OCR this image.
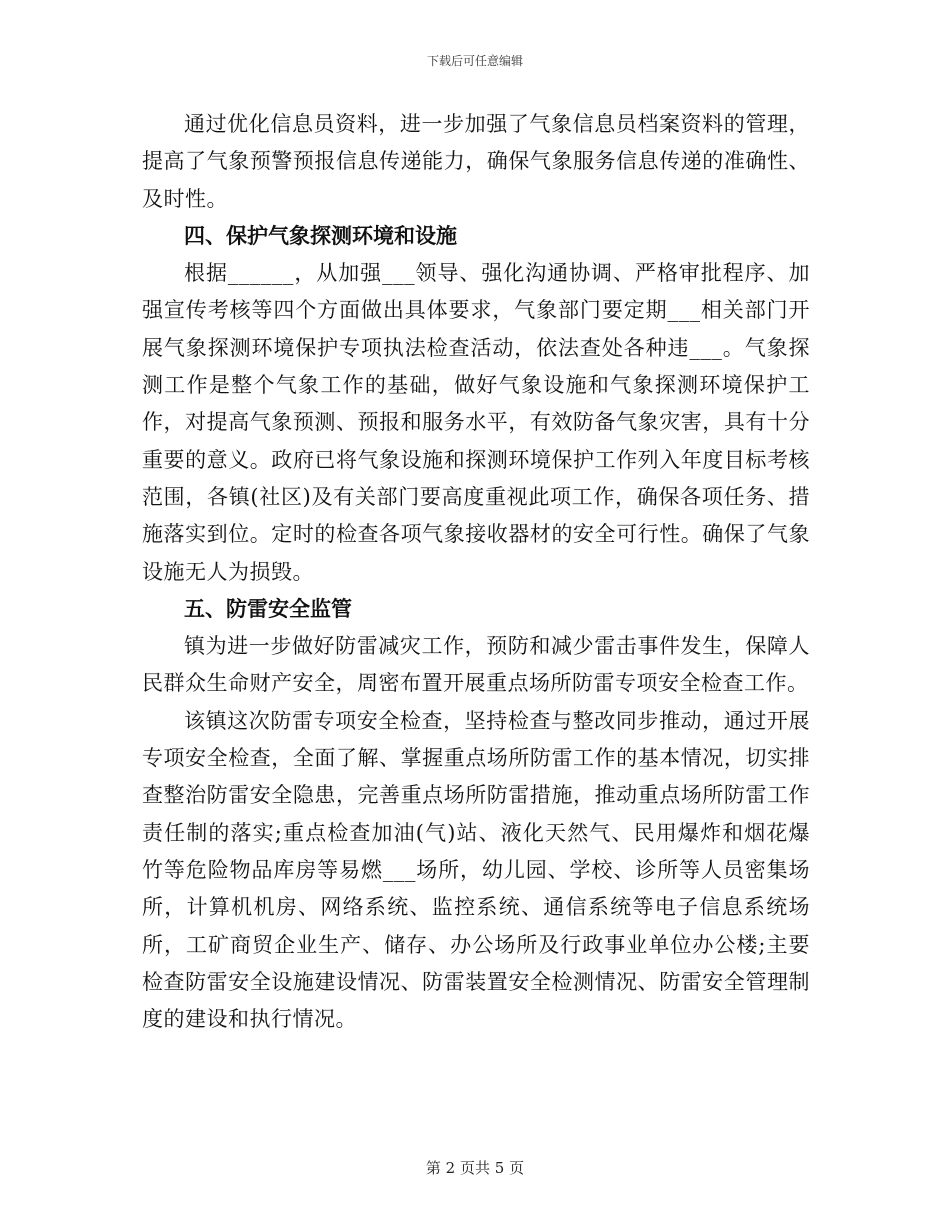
下载后可任意编辑

通过优化信息员资料，进一步加强了气象信息员档案资料的管理，提高了气象预警预报信息传递能力，确保气象服务信息传递的准确性、及时性。

四、保护气象探测环境和设施

根据______，从加强___领导、强化沟通协调、严格审批程序、加强宣传考核等四个方面做出具体要求，气象部门要定期___相关部门开展气象探测环境保护专项执法检查活动，依法查处各种违___。气象探测工作是整个气象工作的基础，做好气象设施和气象探测环境保护工作，对提高气象预测、预报和服务水平，有效防备气象灾害，具有十分重要的意义。政府已将气象设施和探测环境保护工作列入年度目标考核范围，各镇(社区)及有关部门要高度重视此项工作，确保各项任务、措施落实到位。定时的检查各项气象接收器材的安全可行性。确保了气象设施无人为损毁。

五、防雷安全监管

镇为进一步做好防雷减灾工作，预防和减少雷击事件发生，保障人民群众生命财产安全，周密布置开展重点场所防雷专项安全检查工作。

该镇这次防雷专项安全检查，坚持检查与整改同步推动，通过开展专项安全检查，全面了解、掌握重点场所防雷工作的基本情况，切实排查整治防雷安全隐患，完善重点场所防雷措施，推动重点场所防雷工作责任制的落实;重点检查加油(气)站、液化天然气、民用爆炸和烟花爆竹等危险物品库房等易燃___场所，幼儿园、学校、诊所等人员密集场所，计算机机房、网络系统、监控系统、通信系统等电子信息系统场所，工矿商贸企业生产、储存、办公场所及行政事业单位办公楼;主要检查防雷安全设施建设情况、防雷装置安全检测情况、防雷安全管理制度的建设和执行情况。

第 2 页共 5 页
